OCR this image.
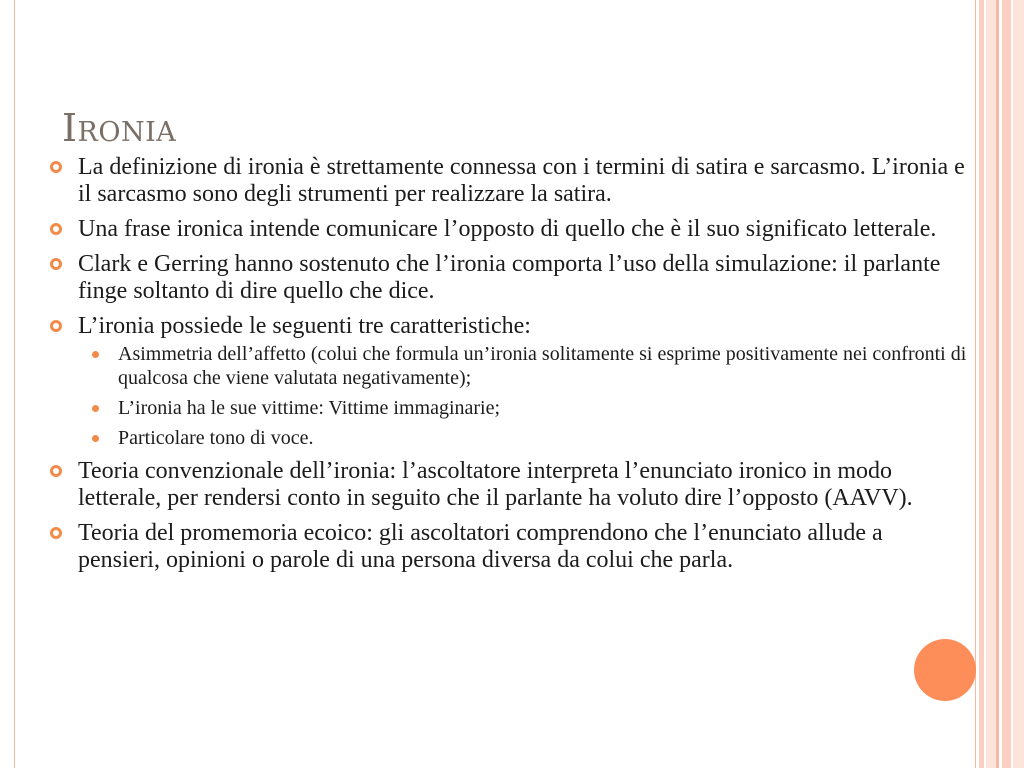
Ironia
La definizione di ironia è strettamente connessa con i termini di satira e sarcasmo. L’ironia e il sarcasmo sono degli strumenti per realizzare la satira.
Una frase ironica intende comunicare l’opposto di quello che è il suo significato letterale.
Clark e Gerring hanno sostenuto che l’ironia comporta l’uso della simulazione: il parlante finge soltanto di dire quello che dice.
L’ironia possiede le seguenti tre caratteristiche:
Asimmetria dell’affetto (colui che formula un’ironia solitamente si esprime positivamente nei confronti di qualcosa che viene valutata negativamente);
L’ironia ha le sue vittime: Vittime immaginarie;
Particolare tono di voce.
Teoria convenzionale dell’ironia: l’ascoltatore interpreta l’enunciato ironico in modo letterale, per rendersi conto in seguito che il parlante ha voluto dire l’opposto (AAVV).
Teoria del promemoria ecoico: gli ascoltatori comprendono che l’enunciato allude a pensieri, opinioni o parole di una persona diversa da colui che parla.
